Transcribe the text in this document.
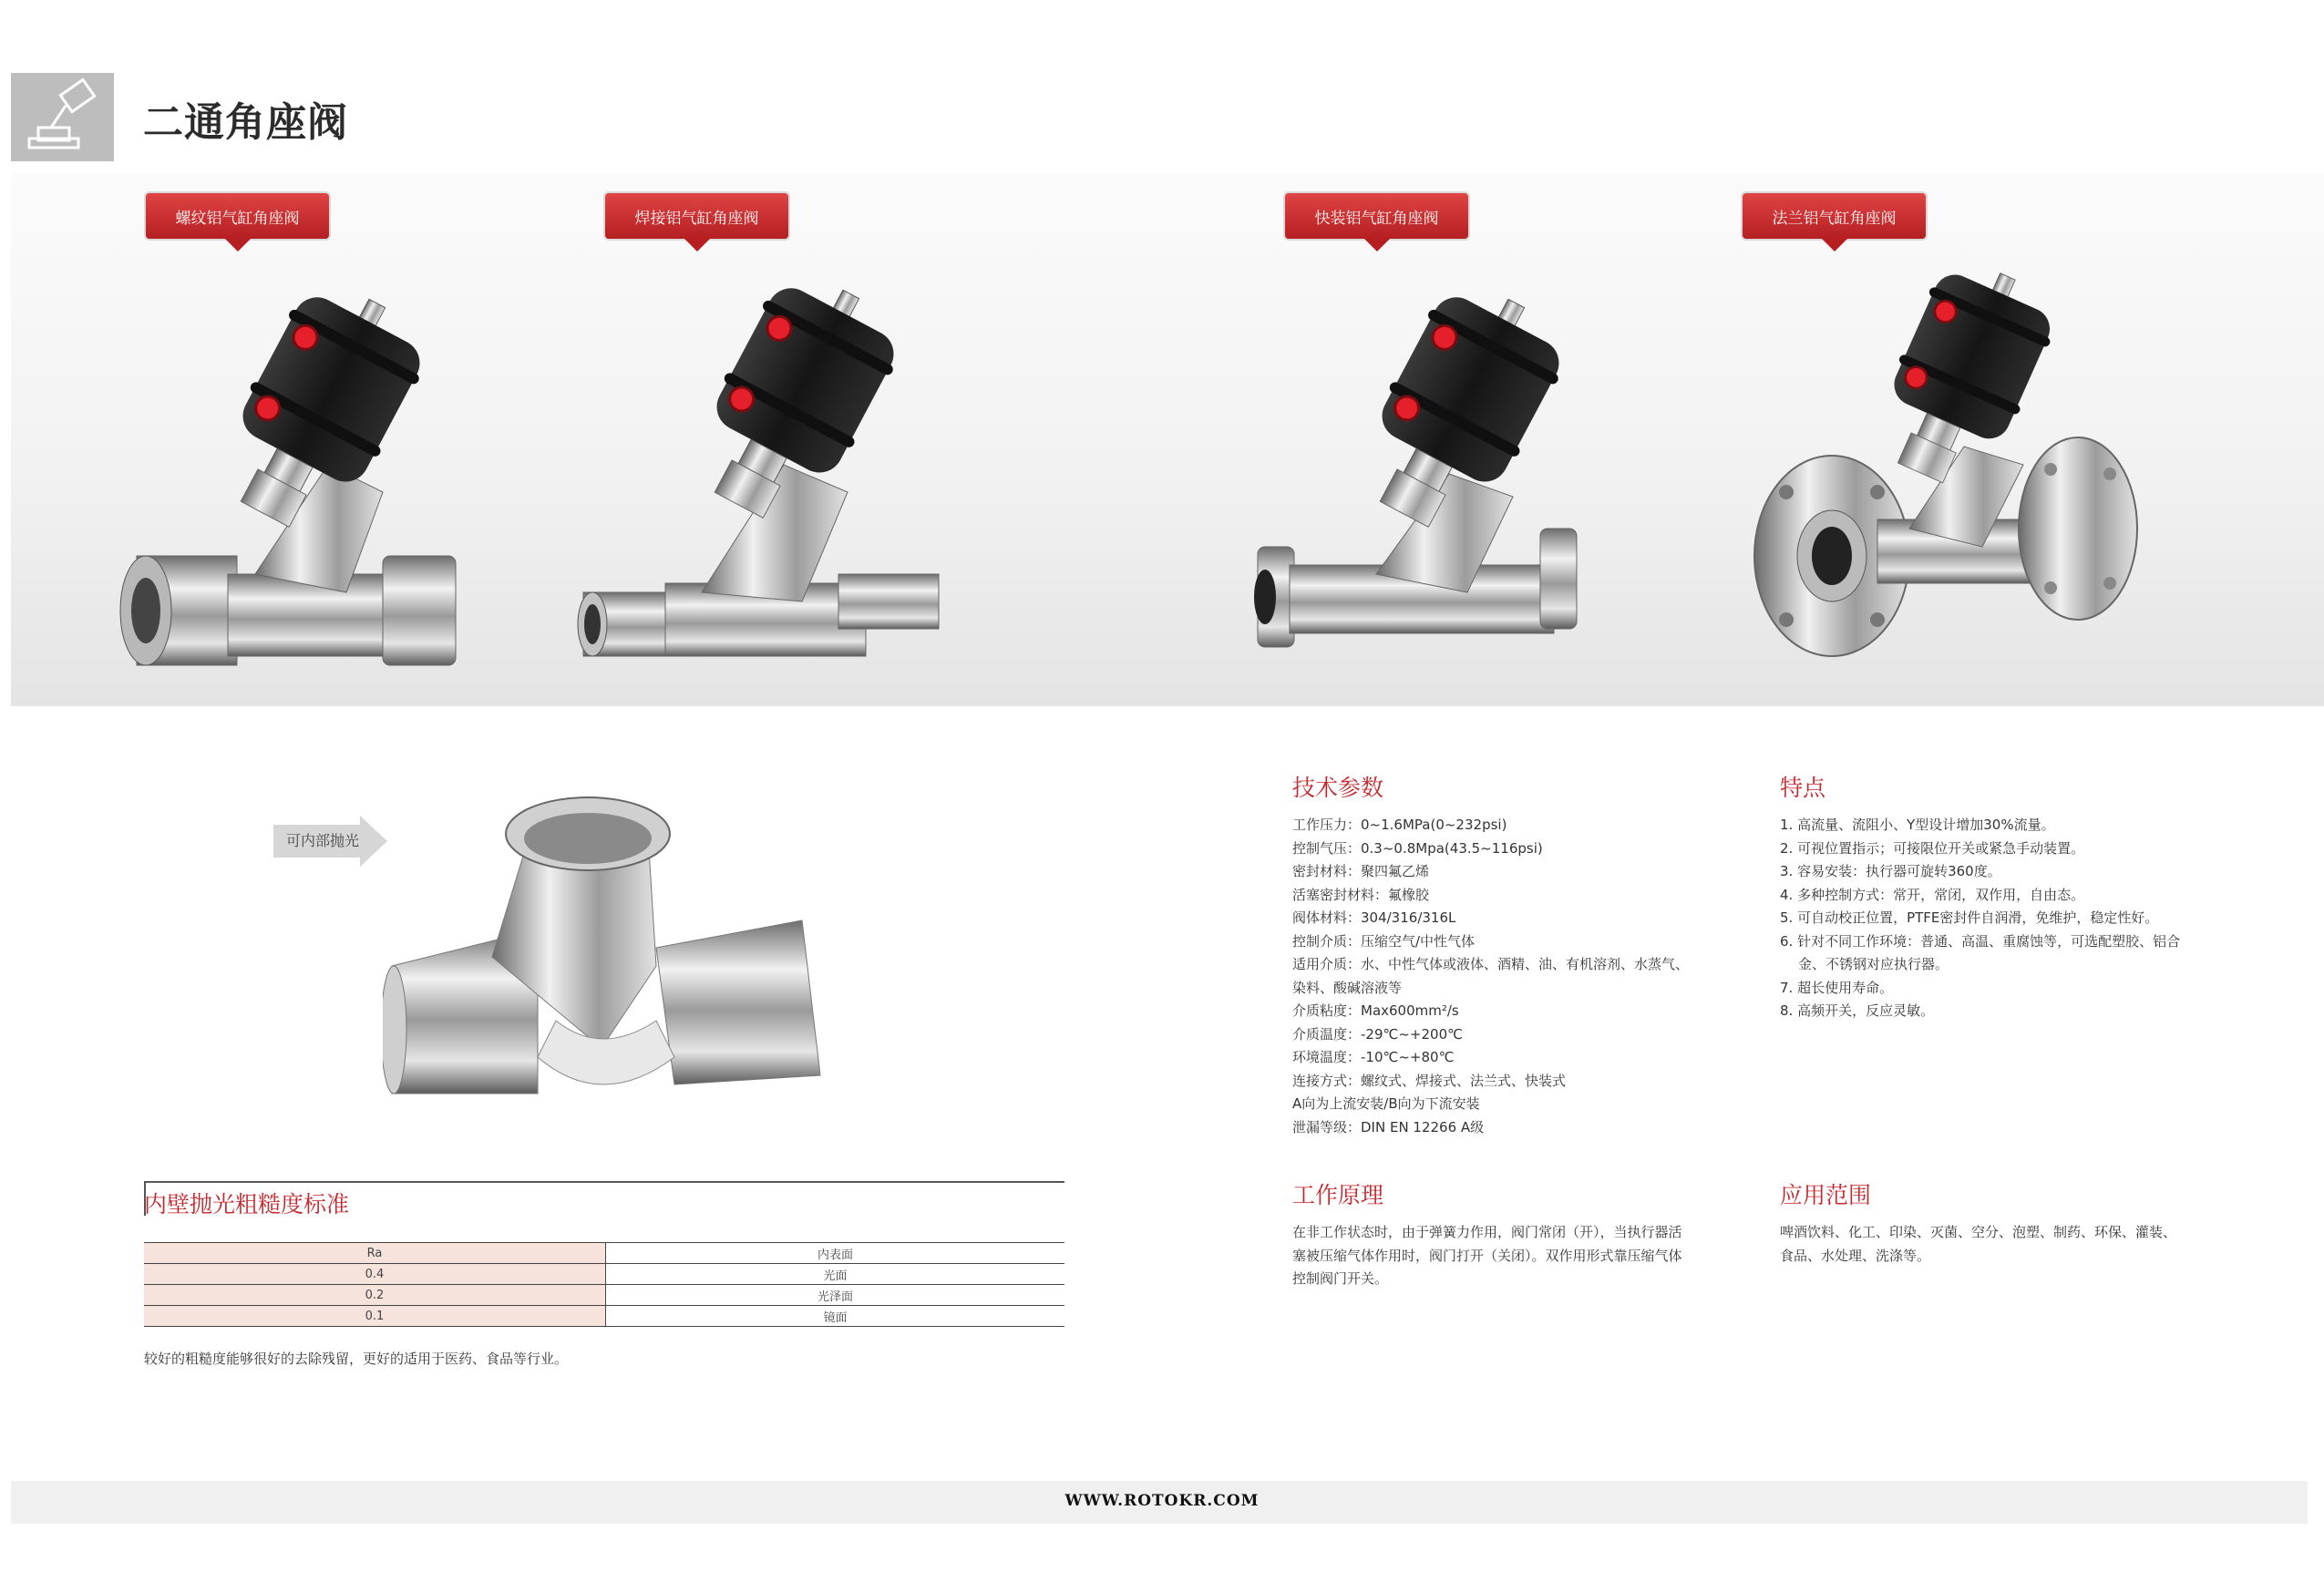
二通角座阀
螺纹铝气缸角座阀	焊接铝气缸角座阀	快装铝气缸角座阀	法兰铝气缸角座阀
可内部抛光
内壁抛光粗糙度标准
Ra	内表面
0.4	光面
0.2	光泽面
0.1	镜面
较好的粗糙度能够很好的去除残留，更好的适用于医药、食品等行业。
技术参数
工作压力：0~1.6MPa(0~232psi)
控制气压：0.3~0.8Mpa(43.5~116psi)
密封材料：聚四氟乙烯
活塞密封材料：氟橡胶
阀体材料：304/316/316L
控制介质：压缩空气/中性气体
适用介质：水、中性气体或液体、酒精、油、有机溶剂、水蒸气、
染料、酸碱溶液等
介质粘度：Max600mm²/s
介质温度：-29℃~+200℃
环境温度：-10℃~+80℃
连接方式：螺纹式、焊接式、法兰式、快装式
A向为上流安装/B向为下流安装
泄漏等级：DIN EN 12266 A级
特点
1. 高流量、流阻小、Y型设计增加30%流量。
2. 可视位置指示；可接限位开关或紧急手动装置。
3. 容易安装：执行器可旋转360度。
4. 多种控制方式：常开，常闭，双作用，自由态。
5. 可自动校正位置，PTFE密封件自润滑，免维护，稳定性好。
6. 针对不同工作环境：普通、高温、重腐蚀等，可选配塑胶、铝合
金、不锈钢对应执行器。
7. 超长使用寿命。
8. 高频开关，反应灵敏。
工作原理
在非工作状态时，由于弹簧力作用，阀门常闭（开），当执行器活
塞被压缩气体作用时，阀门打开（关闭）。双作用形式靠压缩气体
控制阀门开关。
应用范围
啤酒饮料、化工、印染、灭菌、空分、泡塑、制药、环保、灌装、
食品、水处理、洗涤等。
WWW.ROTOKR.COM
